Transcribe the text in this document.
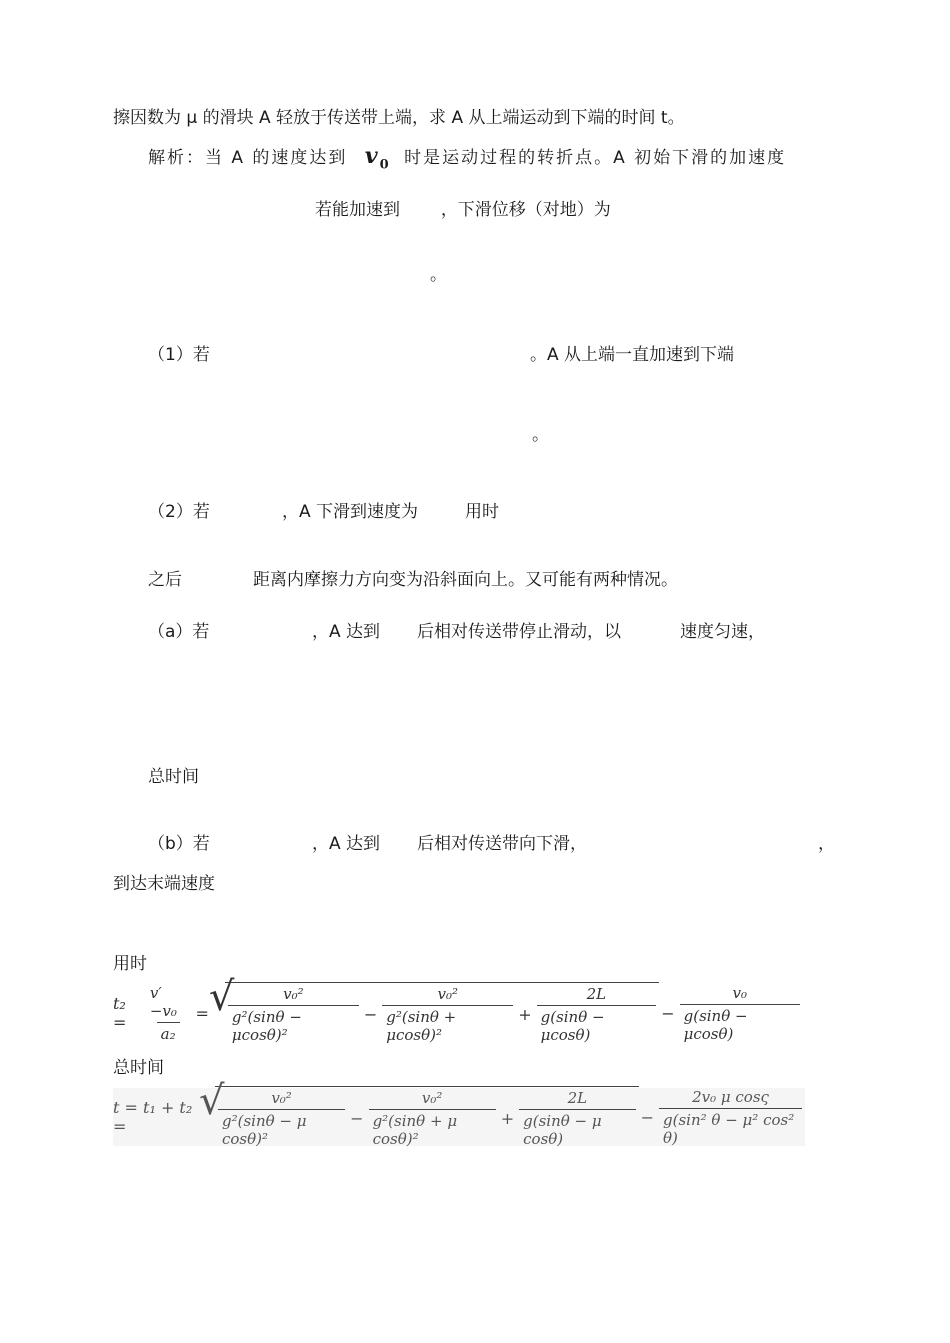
擦因数为 μ 的滑块 A 轻放于传送带上端，求 A 从上端运动到下端的时间 t。
解析：当 A 的速度达到 $v_0$ 时是运动过程的转折点。A 初始下滑的加速度
若能加速到 ，下滑位移（对地）为
。
（1）若	。A 从上端一直加速到下端
。
（2）若	，A 下滑到速度为	用时
之后	距离内摩擦力方向变为沿斜面向上。又可能有两种情况。
（a）若	，A 达到 后相对传送带停止滑动，以	速度匀速，
总时间
（b）若	，A 达到 后相对传送带向下滑，	，
到达末端速度
用时
t₂ =	$\frac{\text{v′−v₀}}{\text{a₂}}$ = √ $\frac{\text{v₀²}}{\text{g²(sinθ − μcosθ)²}} - \frac{\text{v₀²}}{\text{g²(sinθ + μcosθ)²}} + \frac{2L}{g(\sin\theta - \mu\cos\theta)} - \frac{\text{v₀}}{g(\sin\theta - \mu\cos\theta)}$
总时间
t = t₁ + t₂ =	√ $\frac{\text{v₀²}}{\text{g²(sinθ − μ cosθ)²}} - \frac{\text{v₀²}}{\text{g²(sinθ + μ cosθ)²}} + \frac{2L}{\text{g(sinθ − μ cosθ)}} - \frac{\text{2v₀ μ cosς}}{\text{g(sin² θ − μ² cos² θ)}}$
